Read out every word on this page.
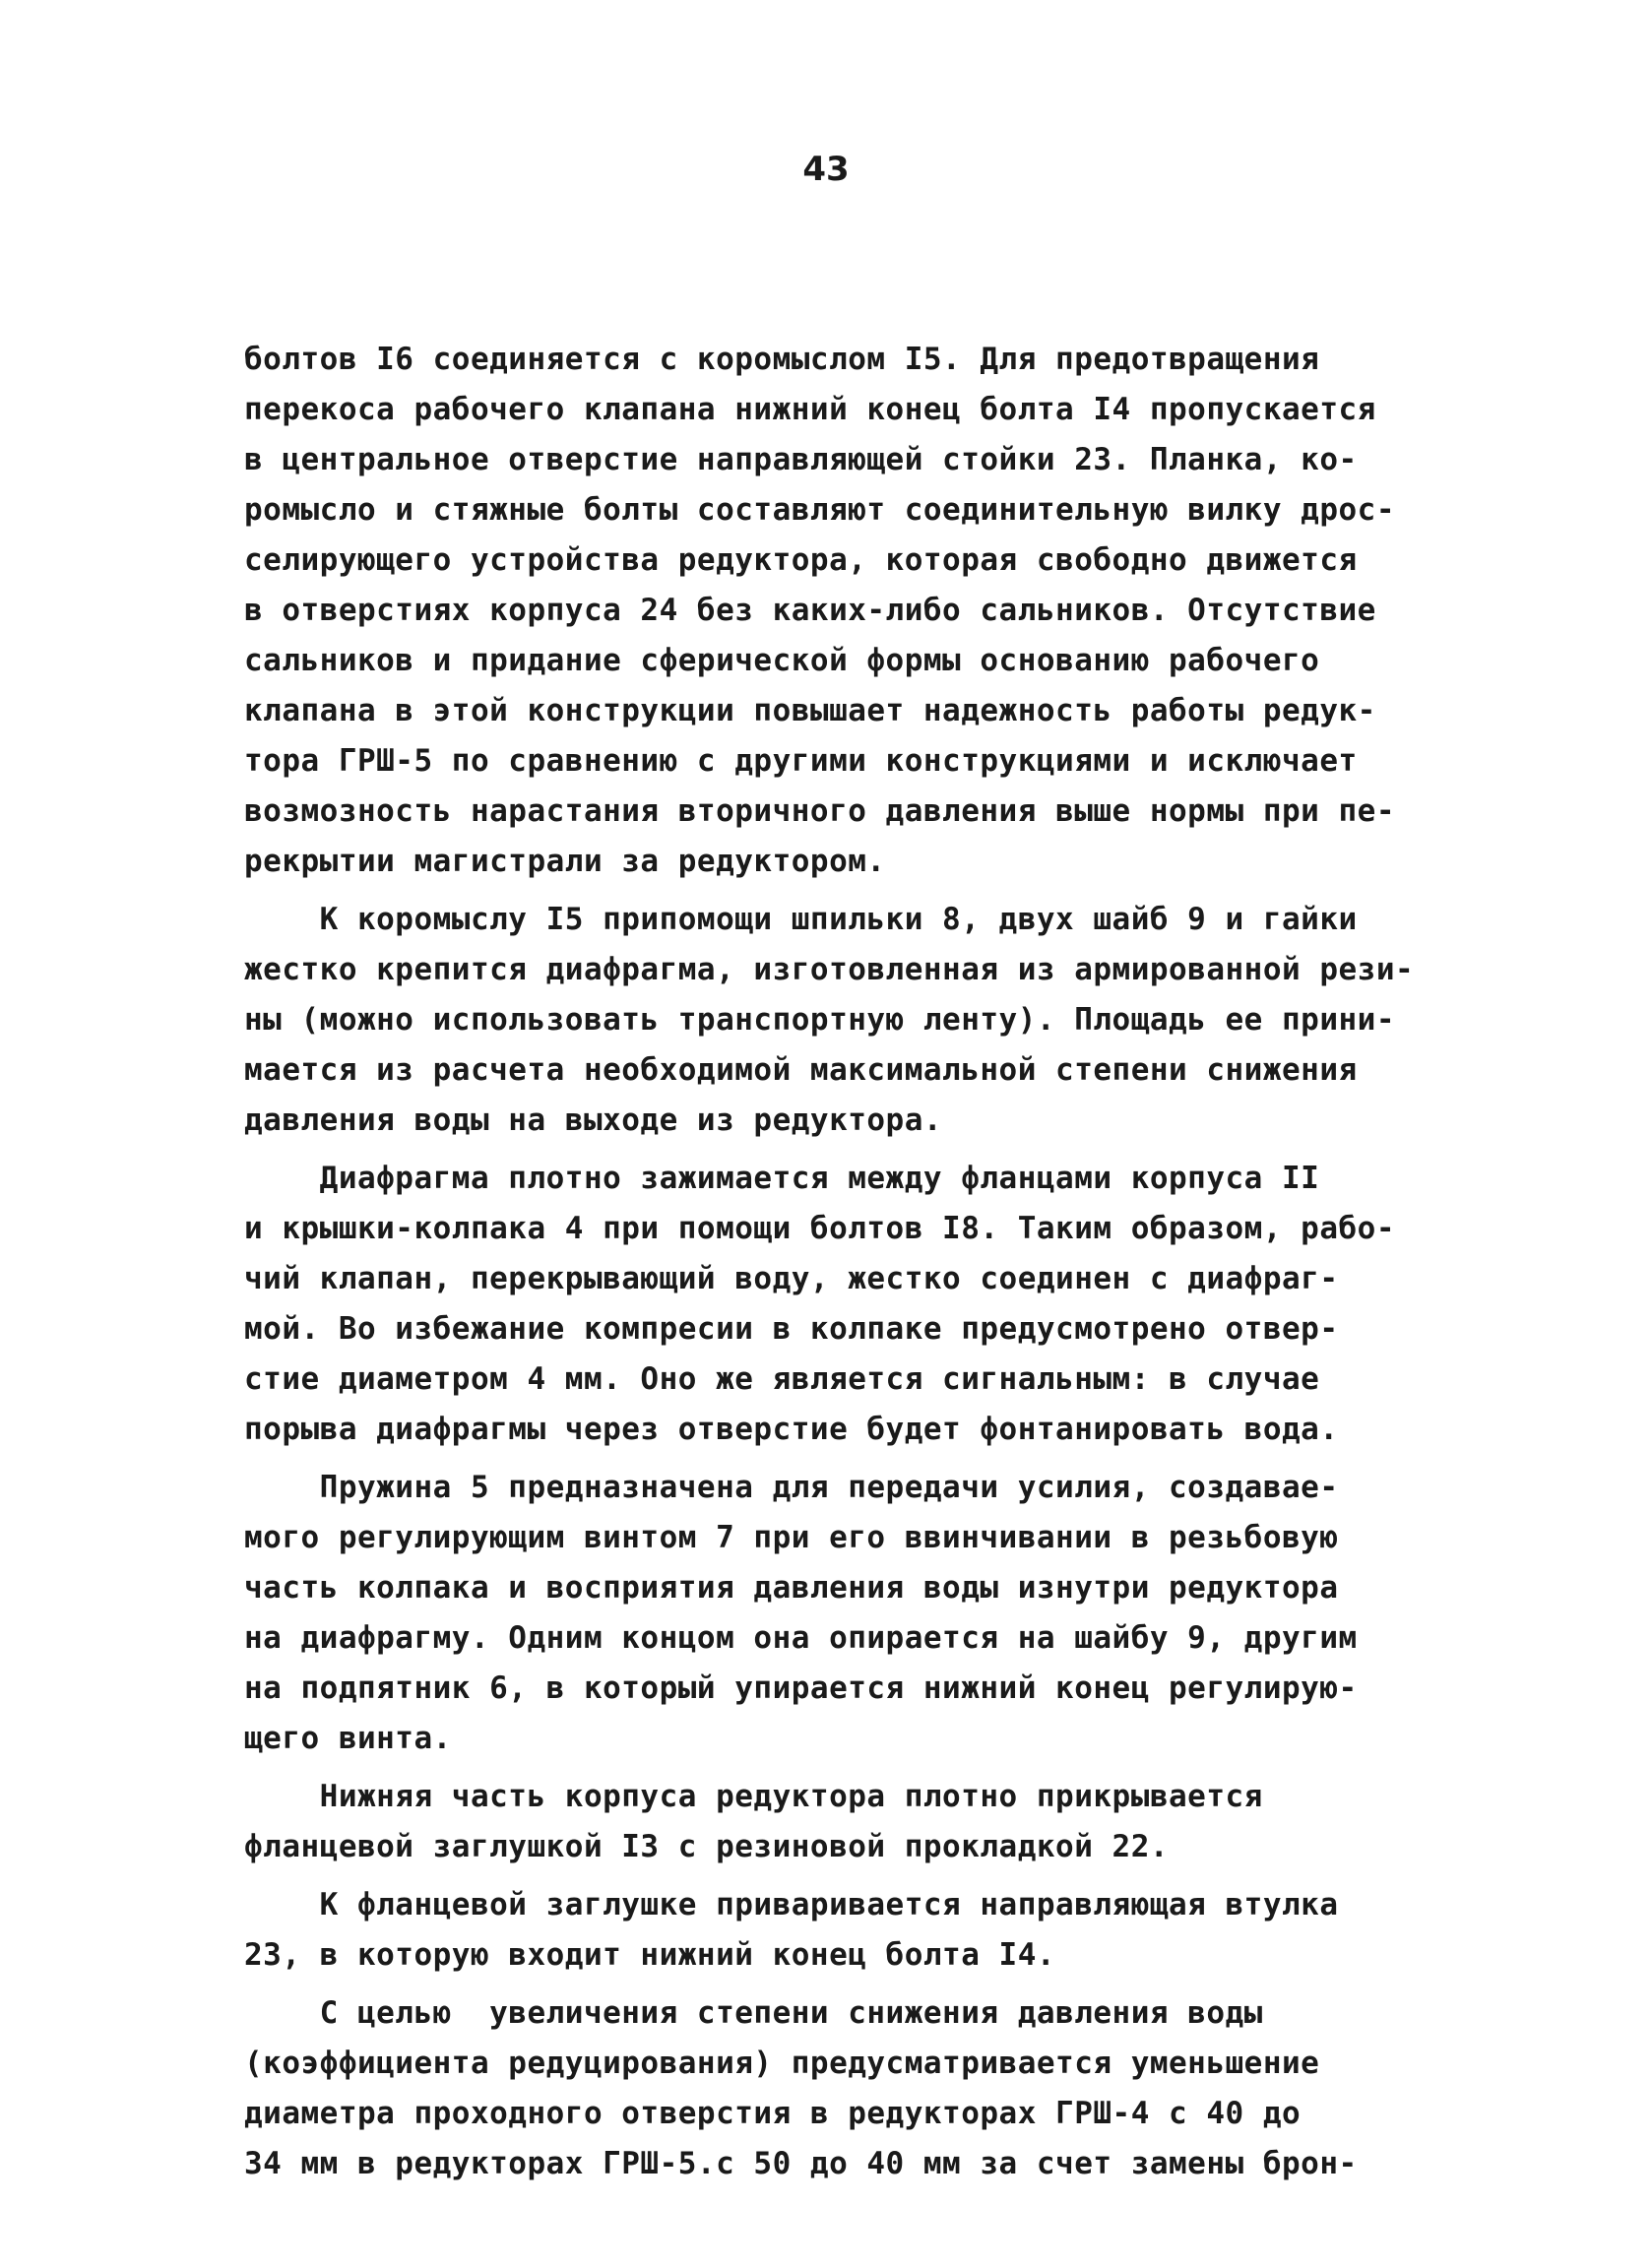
43
болтов I6 соединяется с коромыслом I5. Для предотвращения
перекоса рабочего клапана нижний конец болта I4 пропускается
в центральное отверстие направляющей стойки 23. Планка, ко-
ромысло и стяжные болты составляют соединительную вилку дрос-
селирующего устройства редуктора, которая свободно движется
в отверстиях корпуса 24 без каких-либо сальников. Отсутствие
сальников и придание сферической формы основанию рабочего
клапана в этой конструкции повышает надежность работы редук-
тора ГРШ-5 по сравнению с другими конструкциями и исключает
возмозность нарастания вторичного давления выше нормы при пе-
рекрытии магистрали за редуктором.
К коромыслу I5 припомощи шпильки 8, двух шайб 9 и гайки
жестко крепится диафрагма, изготовленная из армированной рези-
ны (можно использовать транспортную ленту). Площадь ее прини-
мается из расчета необходимой максимальной степени снижения
давления воды на выходе из редуктора.
Диафрагма плотно зажимается между фланцами корпуса II
и крышки-колпака 4 при помощи болтов I8. Таким образом, рабо-
чий клапан, перекрывающий воду, жестко соединен с диафраг-
мой. Во избежание компресии в колпаке предусмотрено отвер-
стие диаметром 4 мм. Оно же является сигнальным: в случае
порыва диафрагмы через отверстие будет фонтанировать вода.
Пружина 5 предназначена для передачи усилия, создавае-
мого регулирующим винтом 7 при его ввинчивании в резьбовую
часть колпака и восприятия давления воды изнутри редуктора
на диафрагму. Одним концом она опирается на шайбу 9, другим
на подпятник 6, в который упирается нижний конец регулирую-
щего винта.
Нижняя часть корпуса редуктора плотно прикрывается
фланцевой заглушкой I3 с резиновой прокладкой 22.
К фланцевой заглушке приваривается направляющая втулка
23, в которую входит нижний конец болта I4.
С целью  увеличения степени снижения давления воды
(коэффициента редуцирования) предусматривается уменьшение
диаметра проходного отверстия в редукторах ГРШ-4 с 40 до
34 мм в редукторах ГРШ-5.с 50 до 40 мм за счет замены брон-
